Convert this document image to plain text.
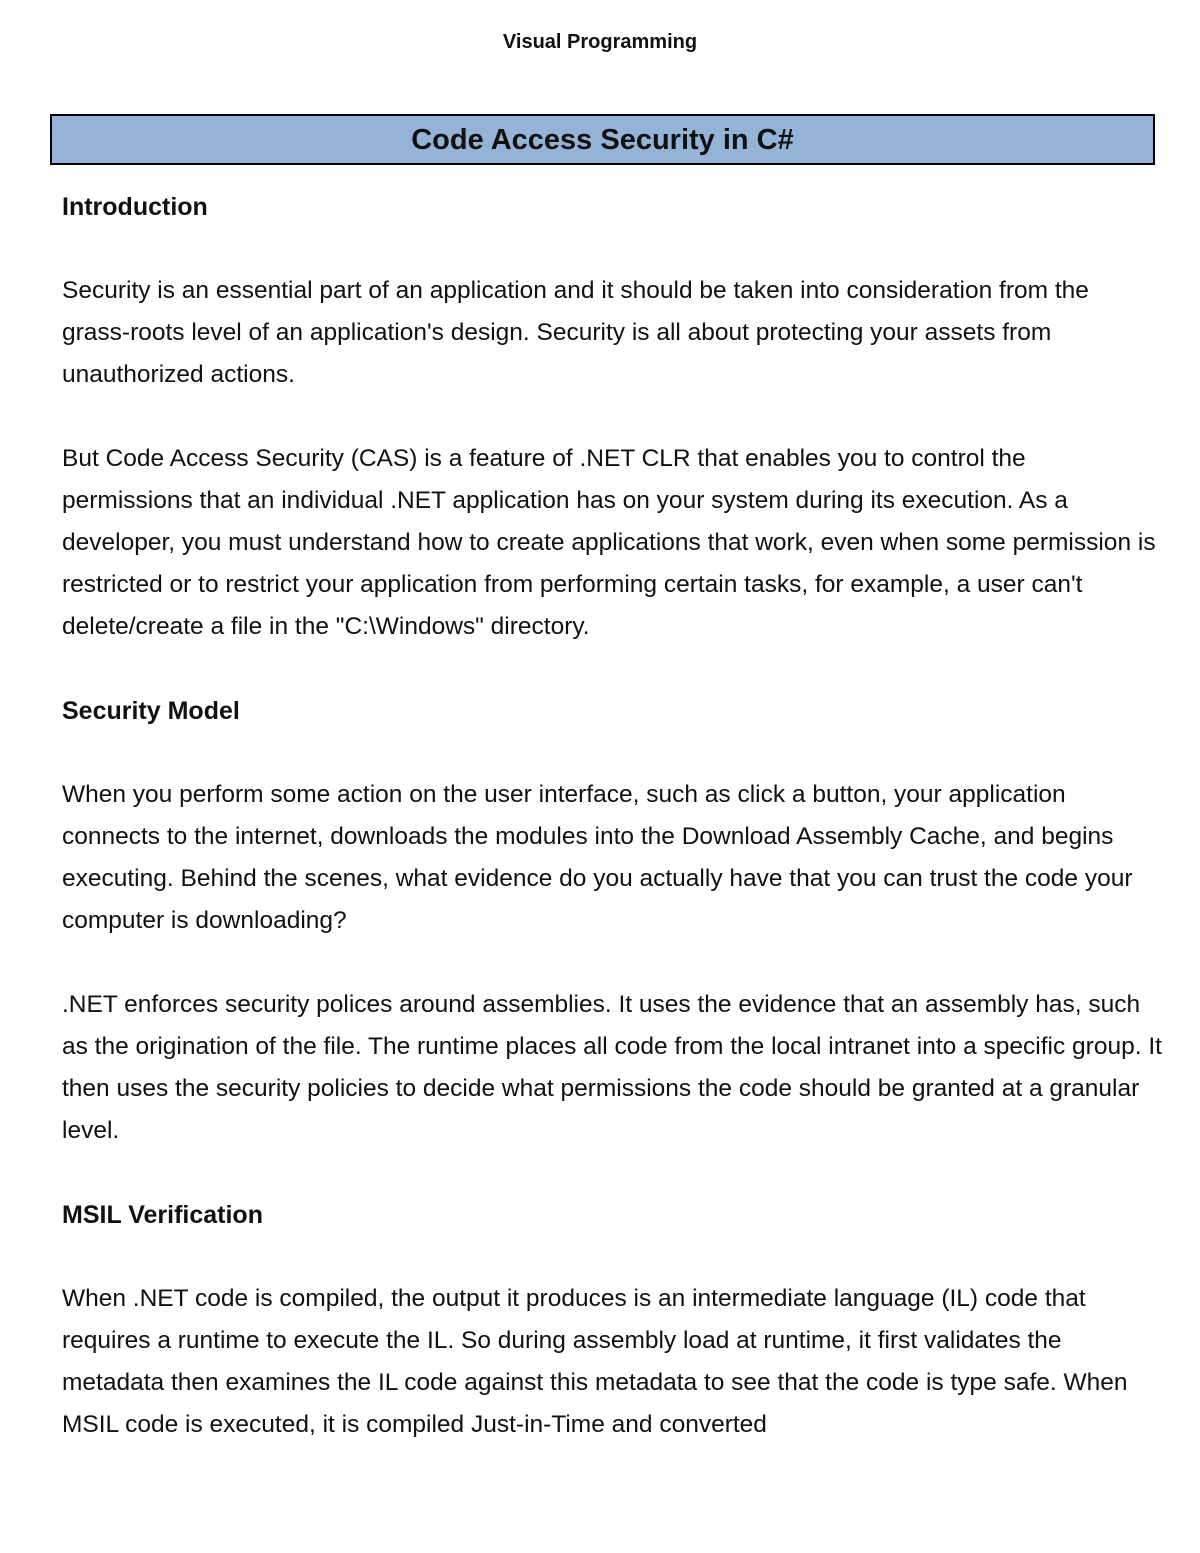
Visual Programming
Code Access Security in C#
Introduction

Security is an essential part of an application and it should be taken into consideration from the grass-roots level of an application's design. Security is all about protecting your assets from unauthorized actions.

But Code Access Security (CAS) is a feature of .NET CLR that enables you to control the permissions that an individual .NET application has on your system during its execution. As a developer, you must understand how to create applications that work, even when some permission is restricted or to restrict your application from performing certain tasks, for example, a user can't delete/create a file in the "C:\Windows" directory.

Security Model

When you perform some action on the user interface, such as click a button, your application connects to the internet, downloads the modules into the Download Assembly Cache, and begins executing. Behind the scenes, what evidence do you actually have that you can trust the code your computer is downloading?

.NET enforces security polices around assemblies. It uses the evidence that an assembly has, such as the origination of the file. The runtime places all code from the local intranet into a specific group. It then uses the security policies to decide what permissions the code should be granted at a granular level.

MSIL Verification

When .NET code is compiled, the output it produces is an intermediate language (IL) code that requires a runtime to execute the IL. So during assembly load at runtime, it first validates the metadata then examines the IL code against this metadata to see that the code is type safe. When MSIL code is executed, it is compiled Just-in-Time and converted
